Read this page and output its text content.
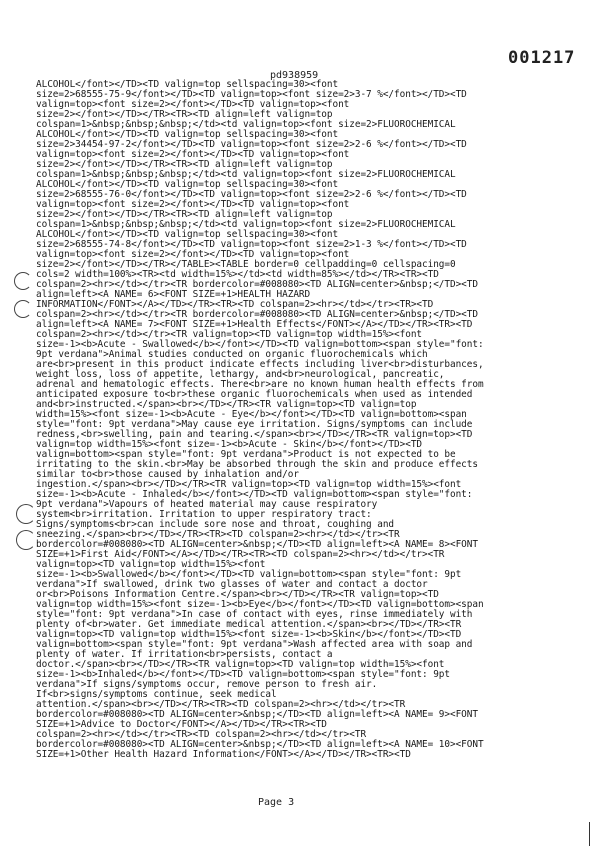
001217
pd938959
ALCOHOL</font></TD><TD valign=top sellspacing=30><font
size=2>68555-75-9</font></TD><TD valign=top><font size=2>3-7 %</font></TD><TD
valign=top><font size=2></font></TD><TD valign=top><font
size=2></font></TD></TR><TR><TD align=left valign=top
colspan=1>&nbsp;&nbsp;&nbsp;</td><td valign=top><font size=2>FLUOROCHEMICAL
ALCOHOL</font></TD><TD valign=top sellspacing=30><font
size=2>34454-97-2</font></TD><TD valign=top><font size=2>2-6 %</font></TD><TD
valign=top><font size=2></font></TD><TD valign=top><font
size=2></font></TD></TR><TR><TD align=left valign=top
colspan=1>&nbsp;&nbsp;&nbsp;</td><td valign=top><font size=2>FLUOROCHEMICAL
ALCOHOL</font></TD><TD valign=top sellspacing=30><font
size=2>68555-76-0</font></TD><TD valign=top><font size=2>2-6 %</font></TD><TD
valign=top><font size=2></font></TD><TD valign=top><font
size=2></font></TD></TR><TR><TD align=left valign=top
colspan=1>&nbsp;&nbsp;&nbsp;</td><td valign=top><font size=2>FLUOROCHEMICAL
ALCOHOL</font></TD><TD valign=top sellspacing=30><font
size=2>68555-74-8</font></TD><TD valign=top><font size=2>1-3 %</font></TD><TD
valign=top><font size=2></font></TD><TD valign=top><font
size=2></font></TD></TR></TABLE><TABLE border=0 cellpadding=0 cellspacing=0
cols=2 width=100%><TR><td width=15%></td><td width=85%></td></TR><TR><TD
colspan=2><hr></td></tr><TR bordercolor=#008080><TD ALIGN=center>&nbsp;</TD><TD
align=left><A NAME= 6><FONT SIZE=+1>HEALTH HAZARD
INFORMATION</FONT></A></TD></TR><TR><TD colspan=2><hr></td></tr><TR><TD
colspan=2><hr></td></tr><TR bordercolor=#008080><TD ALIGN=center>&nbsp;</TD><TD
align=left><A NAME= 7><FONT SIZE=+1>Health Effects</FONT></A></TD></TR><TR><TD
colspan=2><hr></td></tr><TR valign=top><TD valign=top width=15%><font
size=-1><b>Acute - Swallowed</b></font></TD><TD valign=bottom><span style="font:
9pt verdana">Animal studies conducted on organic fluorochemicals which
are<br>present in this product indicate effects including liver<br>disturbances,
weight loss, loss of appetite, lethargy, and<br>neurological, pancreatic,
adrenal and hematologic effects. There<br>are no known human health effects from
anticipated exposure to<br>these organic fluorochemicals when used as intended
and<br>instructed.</span><br></TD></TR><TR valign=top><TD valign=top
width=15%><font size=-1><b>Acute - Eye</b></font></TD><TD valign=bottom><span
style="font: 9pt verdana">May cause eye irritation. Signs/symptoms can include
redness,<br>swelling, pain and tearing.</span><br></TD></TR><TR valign=top><TD
valign=top width=15%><font size=-1><b>Acute - Skin</b></font></TD><TD
valign=bottom><span style="font: 9pt verdana">Product is not expected to be
irritating to the skin.<br>May be absorbed through the skin and produce effects
similar to<br>those caused by inhalation and/or
ingestion.</span><br></TD></TR><TR valign=top><TD valign=top width=15%><font
size=-1><b>Acute - Inhaled</b></font></TD><TD valign=bottom><span style="font:
9pt verdana">Vapours of heated material may cause respiratory
system<br>irritation. Irritation to upper respiratory tract:
Signs/symptoms<br>can include sore nose and throat, coughing and
sneezing.</span><br></TD></TR><TR><TD colspan=2><hr></td></tr><TR
bordercolor=#008080><TD ALIGN=center>&nbsp;</TD><TD align=left><A NAME= 8><FONT
SIZE=+1>First Aid</FONT></A></TD></TR><TR><TD colspan=2><hr></td></tr><TR
valign=top><TD valign=top width=15%><font
size=-1><b>Swallowed</b></font></TD><TD valign=bottom><span style="font: 9pt
verdana">If swallowed, drink two glasses of water and contact a doctor
or<br>Poisons Information Centre.</span><br></TD></TR><TR valign=top><TD
valign=top width=15%><font size=-1><b>Eye</b></font></TD><TD valign=bottom><span
style="font: 9pt verdana">In case of contact with eyes, rinse immediately with
plenty of<br>water. Get immediate medical attention.</span><br></TD></TR><TR
valign=top><TD valign=top width=15%><font size=-1><b>Skin</b></font></TD><TD
valign=bottom><span style="font: 9pt verdana">Wash affected area with soap and
plenty of water. If irritation<br>persists, contact a
doctor.</span><br></TD></TR><TR valign=top><TD valign=top width=15%><font
size=-1><b>Inhaled</b></font></TD><TD valign=bottom><span style="font: 9pt
verdana">If signs/symptoms occur, remove person to fresh air.
If<br>signs/symptoms continue, seek medical
attention.</span><br></TD></TR><TR><TD colspan=2><hr></td></tr><TR
bordercolor=#008080><TD ALIGN=center>&nbsp;</TD><TD align=left><A NAME= 9><FONT
SIZE=+1>Advice to Doctor</FONT></A></TD></TR><TR><TD
colspan=2><hr></td></tr><TR><TD colspan=2><hr></td></tr><TR
bordercolor=#008080><TD ALIGN=center>&nbsp;</TD><TD align=left><A NAME= 10><FONT
SIZE=+1>Other Health Hazard Information</FONT></A></TD></TR><TR><TD
Page 3
